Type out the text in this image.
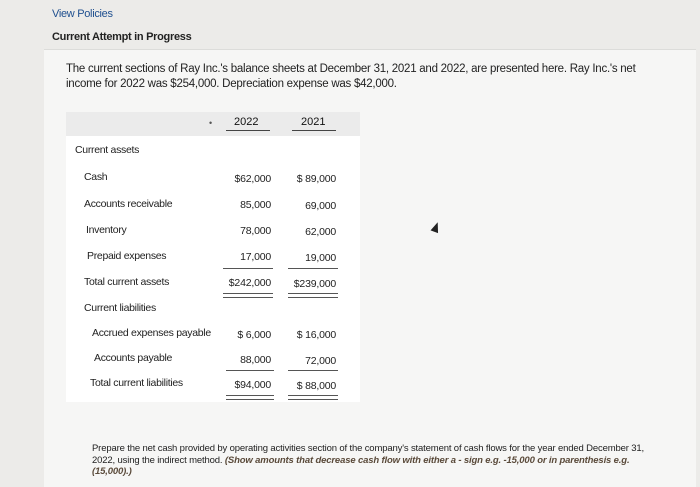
View Policies
Current Attempt in Progress
The current sections of Ray Inc.'s balance sheets at December 31, 2021 and 2022, are presented here. Ray Inc.'s net income for 2022 was $254,000. Depreciation expense was $42,000.
• 2022	2021
Current assets
Cash	$62,000 $ 89,000
Accounts receivable	85,000	69,000
Inventory	78,000	62,000
Prepaid expenses	17,000	19,000
Total current assets	$242,000 $239,000
Current liabilities
Accrued expenses payable	$ 6,000 $ 16,000
Accounts payable	88,000	72,000
Total current liabilities	$94,000 $ 88,000
Prepare the net cash provided by operating activities section of the company's statement of cash flows for the year ended December 31, 2022, using the indirect method. (Show amounts that decrease cash flow with either a - sign e.g. -15,000 or in parenthesis e.g. (15,000).)
